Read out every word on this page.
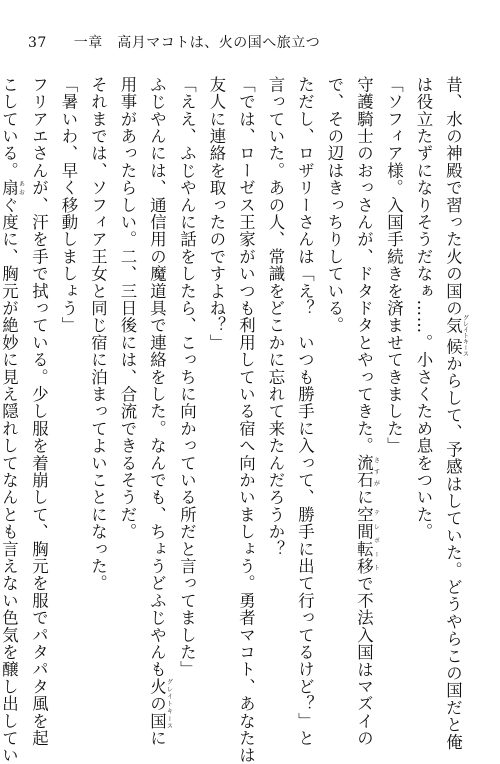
37 一章　高月マコトは、火の国へ旅立つ
昔、水の神殿で習った火の国の気候 グレイトキースからして、予感はしていた。どうやらこの国だと俺
は役立たずになりそうだなぁ……。小さくため息をついた。
「ソフィア様。入国手続きを済ませてきました」
守護騎士のおっさんが、ドタドタとやってきた。流石 さすがに空間転移 テレポートで不法入国はマズイの
で、その辺はきっちりしている。
ただし、ロザリーさんは「え？　いつも勝手に入って、勝手に出て行ってるけど？」と
言っていた。あの人、常識をどこかに忘れて来たんだろうか？
「では、ローゼス王家がいつも利用している宿へ向かいましょう。勇者マコト、あなたは
友人に連絡を取ったのですよね？」
「ええ、ふじやんに話をしたら、こっちに向かっている所だと言ってました」
ふじやんには、通信用の魔道具で連絡をした。なんでも、ちょうどふじやんも火の国 グレイトキースに
用事があったらしい。二、三日後には、合流できるそうだ。
それまでは、ソフィア王女と同じ宿に泊まってよいことになった。
「暑いわ、早く移動しましょう」
フリアエさんが、汗を手で拭っている。少し服を着崩して、胸元を服でパタパタ風を起
こしている。扇 あおぐ度に、胸元が絶妙に見え隠れしてなんとも言えない色気を醸し出してい
